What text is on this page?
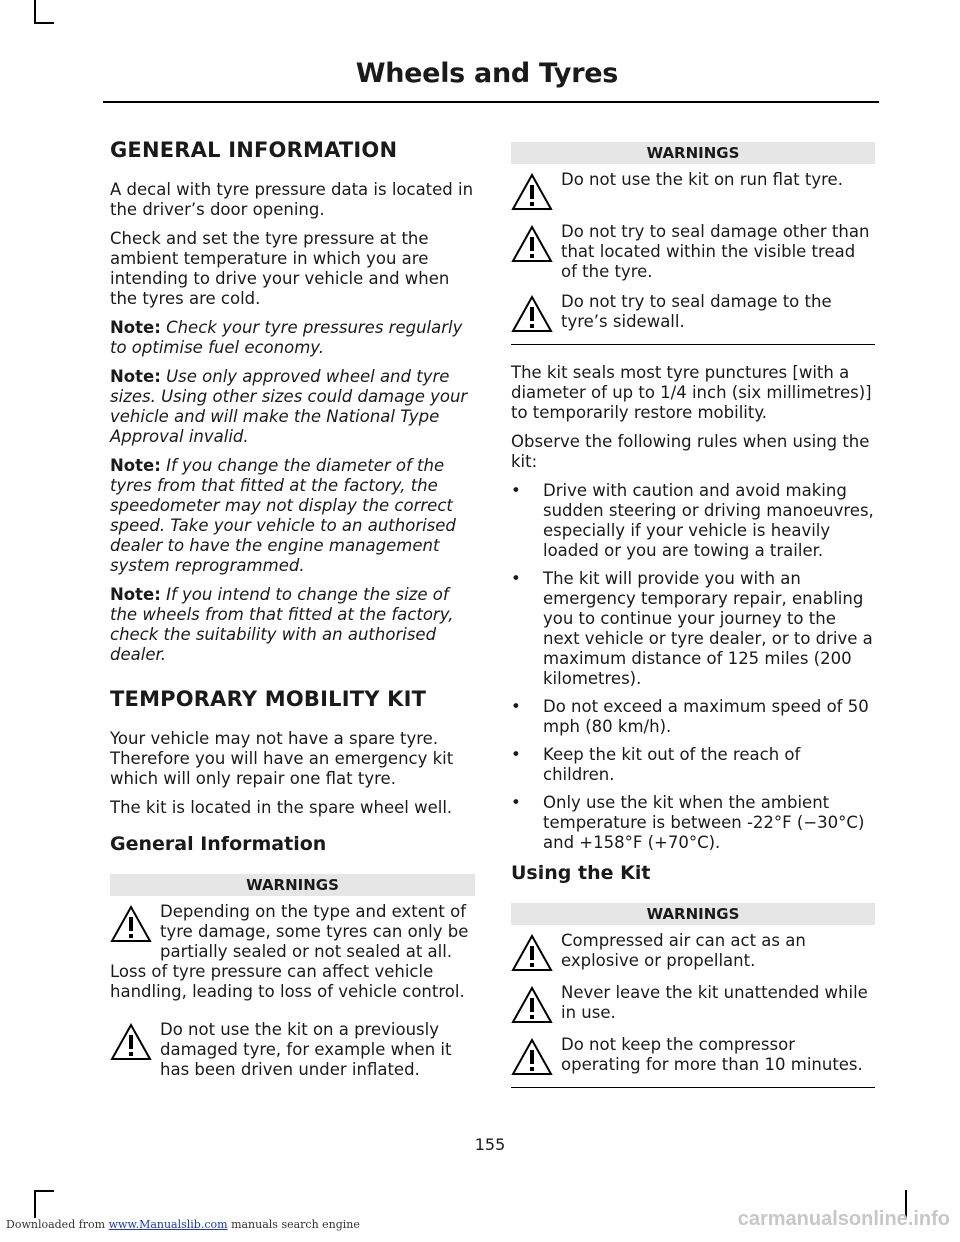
Wheels and Tyres
GENERAL INFORMATION

A decal with tyre pressure data is located in the driver’s door opening.

Check and set the tyre pressure at the ambient temperature in which you are intending to drive your vehicle and when the tyres are cold.

Note: Check your tyre pressures regularly to optimise fuel economy.

Note: Use only approved wheel and tyre sizes. Using other sizes could damage your vehicle and will make the National Type Approval invalid.

Note: If you change the diameter of the tyres from that fitted at the factory, the speedometer may not display the correct speed. Take your vehicle to an authorised dealer to have the engine management system reprogrammed.

Note: If you intend to change the size of the wheels from that fitted at the factory, check the suitability with an authorised dealer.

TEMPORARY MOBILITY KIT

Your vehicle may not have a spare tyre. Therefore you will have an emergency kit which will only repair one flat tyre.

The kit is located in the spare wheel well.

General Information
WARNINGS
Depending on the type and extent of tyre damage, some tyres can only be partially sealed or not sealed at all.
Loss of tyre pressure can affect vehicle handling, leading to loss of vehicle control.
Do not use the kit on a previously damaged tyre, for example when it has been driven under inflated.
WARNINGS
Do not use the kit on run flat tyre.
Do not try to seal damage other than that located within the visible tread of the tyre.
Do not try to seal damage to the tyre’s sidewall.

The kit seals most tyre punctures [with a diameter of up to 1/4 inch (six millimetres)] to temporarily restore mobility.

Observe the following rules when using the kit:

• Drive with caution and avoid making sudden steering or driving manoeuvres, especially if your vehicle is heavily loaded or you are towing a trailer.
• The kit will provide you with an emergency temporary repair, enabling you to continue your journey to the next vehicle or tyre dealer, or to drive a maximum distance of 125 miles (200 kilometres).
• Do not exceed a maximum speed of 50 mph (80 km/h).
• Keep the kit out of the reach of children.
• Only use the kit when the ambient temperature is between -22°F (−30°C) and +158°F (+70°C).
Using the Kit
WARNINGS
Compressed air can act as an explosive or propellant.
Never leave the kit unattended while in use.
Do not keep the compressor operating for more than 10 minutes.
155
Downloaded from www.Manualslib.com manuals search engine	carmanualsonline.info
